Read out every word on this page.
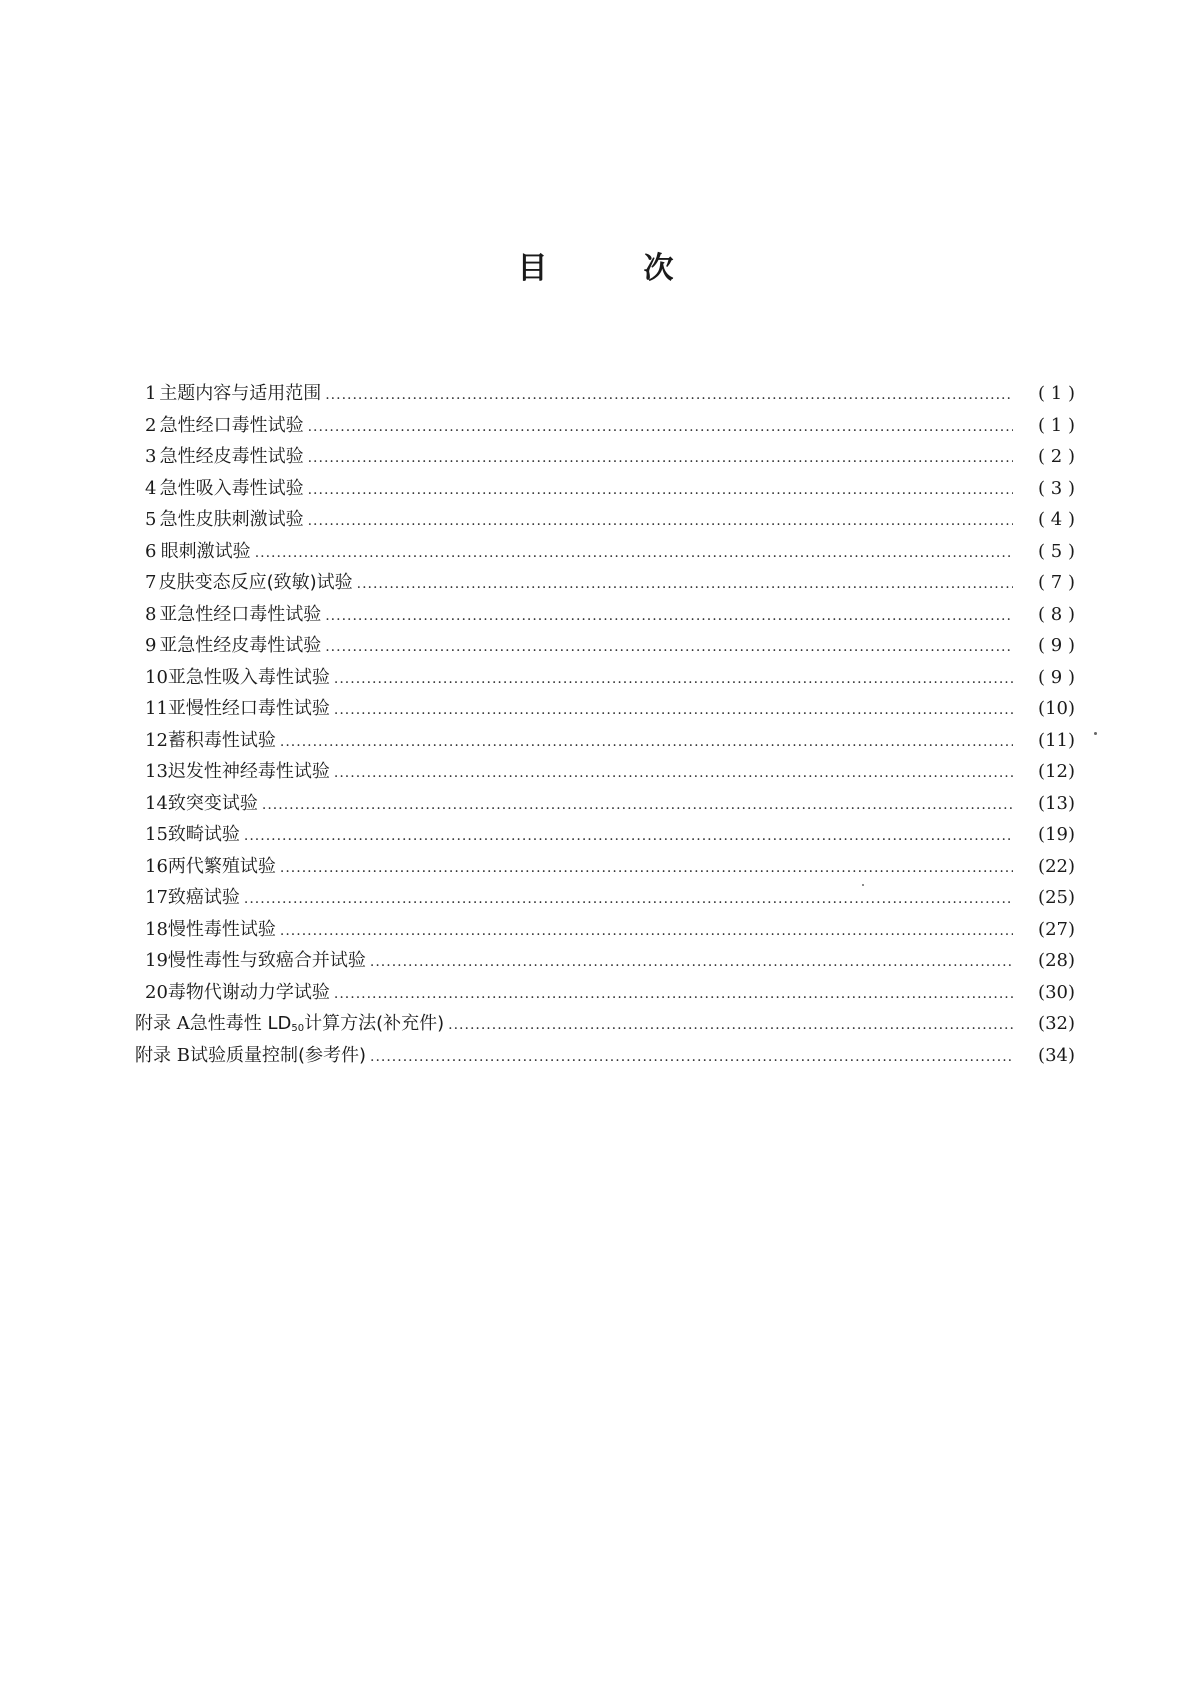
目	次
1 主题内容与适用范围 .....	( 1 )
2 急性经口毒性试验 .....	( 1 )
3 急性经皮毒性试验 .....	( 2 )
4 急性吸入毒性试验 .....	( 3 )
5 急性皮肤刺激试验 .....	( 4 )
6 眼刺激试验 .....	( 5 )
7 皮肤变态反应(致敏)试验 .....	( 7 )
8 亚急性经口毒性试验 .....	( 8 )
9 亚急性经皮毒性试验 .....	( 9 )
10 亚急性吸入毒性试验 .....	( 9 )
11 亚慢性经口毒性试验 .....	(10)
12 蓄积毒性试验 .....	(11)
13 迟发性神经毒性试验 .....	(12)
14 致突变试验 .....	(13)
15 致畸试验 .....	(19)
16 两代繁殖试验 .....	(22)
17 致癌试验 .....	(25)
18 慢性毒性试验 .....	(27)
19 慢性毒性与致癌合并试验 .....	(28)
20 毒物代谢动力学试验 .....	(30)
附录 A 急性毒性 $LD_{50}$计算方法(补充件) .....	(32)
附录 B 试验质量控制(参考件) .....	(34)
